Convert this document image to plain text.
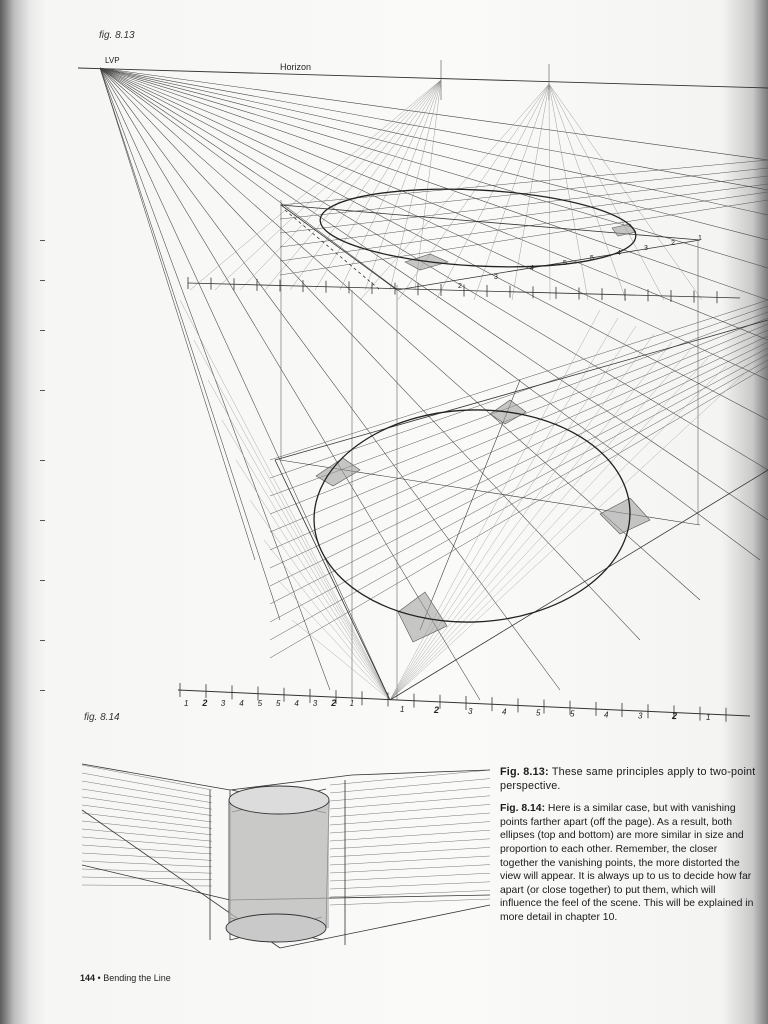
LVP
Horizon
5
5
4
3
2
1
2
3
4
1 2 3 4 5 5 4 3 2 1
1	2	3	4	5	5	4	3	2	1
fig. 8.13
fig. 8.14

Fig. 8.13: These same principles apply to two-point perspective.

Fig. 8.14: Here is a similar case, but with vanishing points farther apart (off the page). As a result, both ellipses (top and bottom) are more similar in size and proportion to each other. Remember, the closer together the vanishing points, the more distorted the view will appear. It is always up to us to decide how far apart (or close together) to put them, which will influence the feel of the scene. This will be explained in more detail in chapter 10.

144 • Bending the Line
